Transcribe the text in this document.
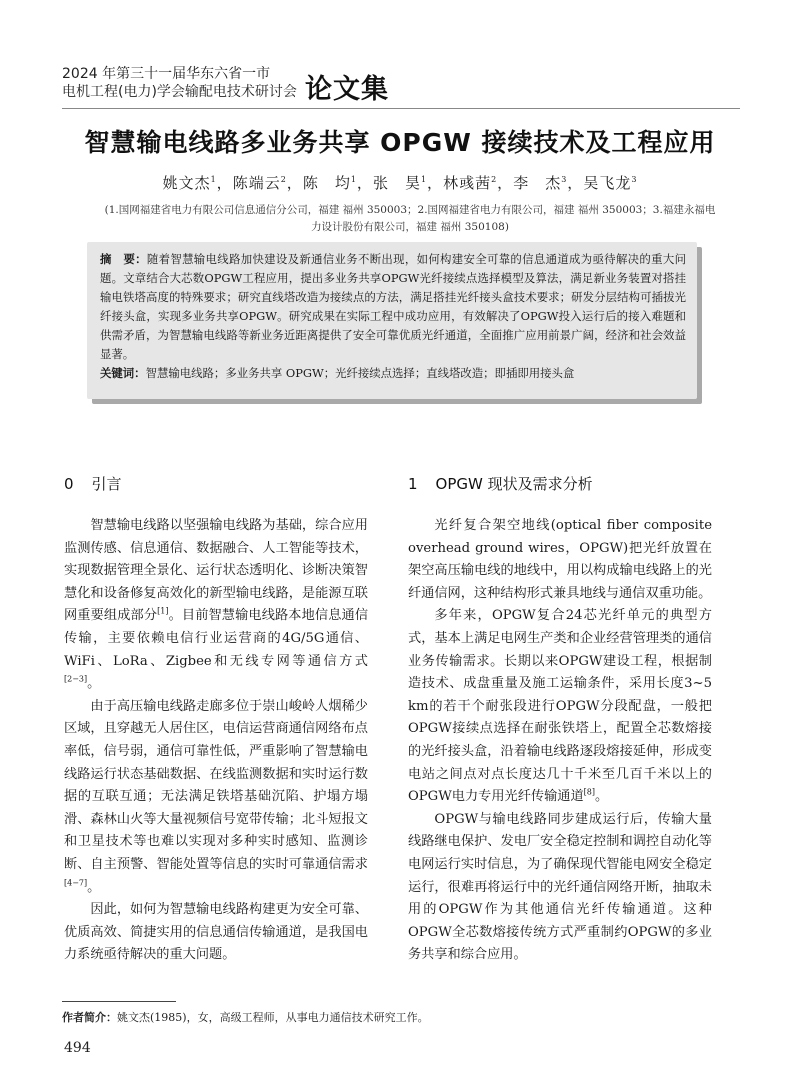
2024 年第三十一届华东六省一市
电机工程(电力)学会输配电技术研讨会 论文集
智慧输电线路多业务共享 OPGW 接续技术及工程应用
姚文杰$^1$，陈端云$^2$，陈　均$^1$，张　昊$^1$，林彧茜$^2$，李　杰$^3$，吴飞龙$^3$
(1.国网福建省电力有限公司信息通信分公司，福建 福州 350003；2.国网福建省电力有限公司，福建 福州 350003；3.福建永福电力设计股份有限公司，福建 福州 350108)
摘　要：随着智慧输电线路加快建设及新通信业务不断出现，如何构建安全可靠的信息通道成为亟待解决的重大问题。文章结合大芯数OPGW工程应用，提出多业务共享OPGW光纤接续点选择模型及算法，满足新业务装置对搭挂输电铁塔高度的特殊要求；研究直线塔改造为接续点的方法，满足搭挂光纤接头盒技术要求；研发分层结构可插拔光纤接头盒，实现多业务共享OPGW。研究成果在实际工程中成功应用，有效解决了OPGW投入运行后的接入难题和供需矛盾，为智慧输电线路等新业务近距离提供了安全可靠优质光纤通道，全面推广应用前景广阔，经济和社会效益显著。
关键词：智慧输电线路；多业务共享 OPGW；光纤接续点选择；直线塔改造；即插即用接头盒
0 引言	1 OPGW 现状及需求分析

智慧输电线路以坚强输电线路为基础，综合应用监测传感、信息通信、数据融合、人工智能等技术，实现数据管理全景化、运行状态透明化、诊断决策智慧化和设备修复高效化的新型输电线路，是能源互联网重要组成部分[1]。目前智慧输电线路本地信息通信传输，主要依赖电信行业运营商的4G/5G通信、WiFi、LoRa、Zigbee和无线专网等通信方式[2−3]。

由于高压输电线路走廊多位于崇山峻岭人烟稀少区域，且穿越无人居住区，电信运营商通信网络布点率低，信号弱，通信可靠性低，严重影响了智慧输电线路运行状态基础数据、在线监测数据和实时运行数据的互联互通；无法满足铁塔基础沉陷、护塌方塌滑、森林山火等大量视频信号宽带传输；北斗短报文和卫星技术等也难以实现对多种实时感知、监测诊断、自主预警、智能处置等信息的实时可靠通信需求[4−7]。

因此，如何为智慧输电线路构建更为安全可靠、优质高效、简捷实用的信息通信传输通道，是我国电力系统亟待解决的重大问题。

光纤复合架空地线(optical fiber composite overhead ground wires，OPGW)把光纤放置在架空高压输电线的地线中，用以构成输电线路上的光纤通信网，这种结构形式兼具地线与通信双重功能。

多年来，OPGW复合24芯光纤单元的典型方式，基本上满足电网生产类和企业经营管理类的通信业务传输需求。长期以来OPGW建设工程，根据制造技术、成盘重量及施工运输条件，采用长度3~5 km的若干个耐张段进行OPGW分段配盘，一般把OPGW接续点选择在耐张铁塔上，配置全芯数熔接的光纤接头盒，沿着输电线路逐段熔接延伸，形成变电站之间点对点长度达几十千米至几百千米以上的OPGW电力专用光纤传输通道[8]。

OPGW与输电线路同步建成运行后，传输大量线路继电保护、发电厂安全稳定控制和调控自动化等电网运行实时信息，为了确保现代智能电网安全稳定运行，很难再将运行中的光纤通信网络开断，抽取未用的OPGW作为其他通信光纤传输通道。这种OPGW全芯数熔接传统方式严重制约OPGW的多业务共享和综合应用。

作者简介：姚文杰(1985)，女，高级工程师，从事电力通信技术研究工作。
494
